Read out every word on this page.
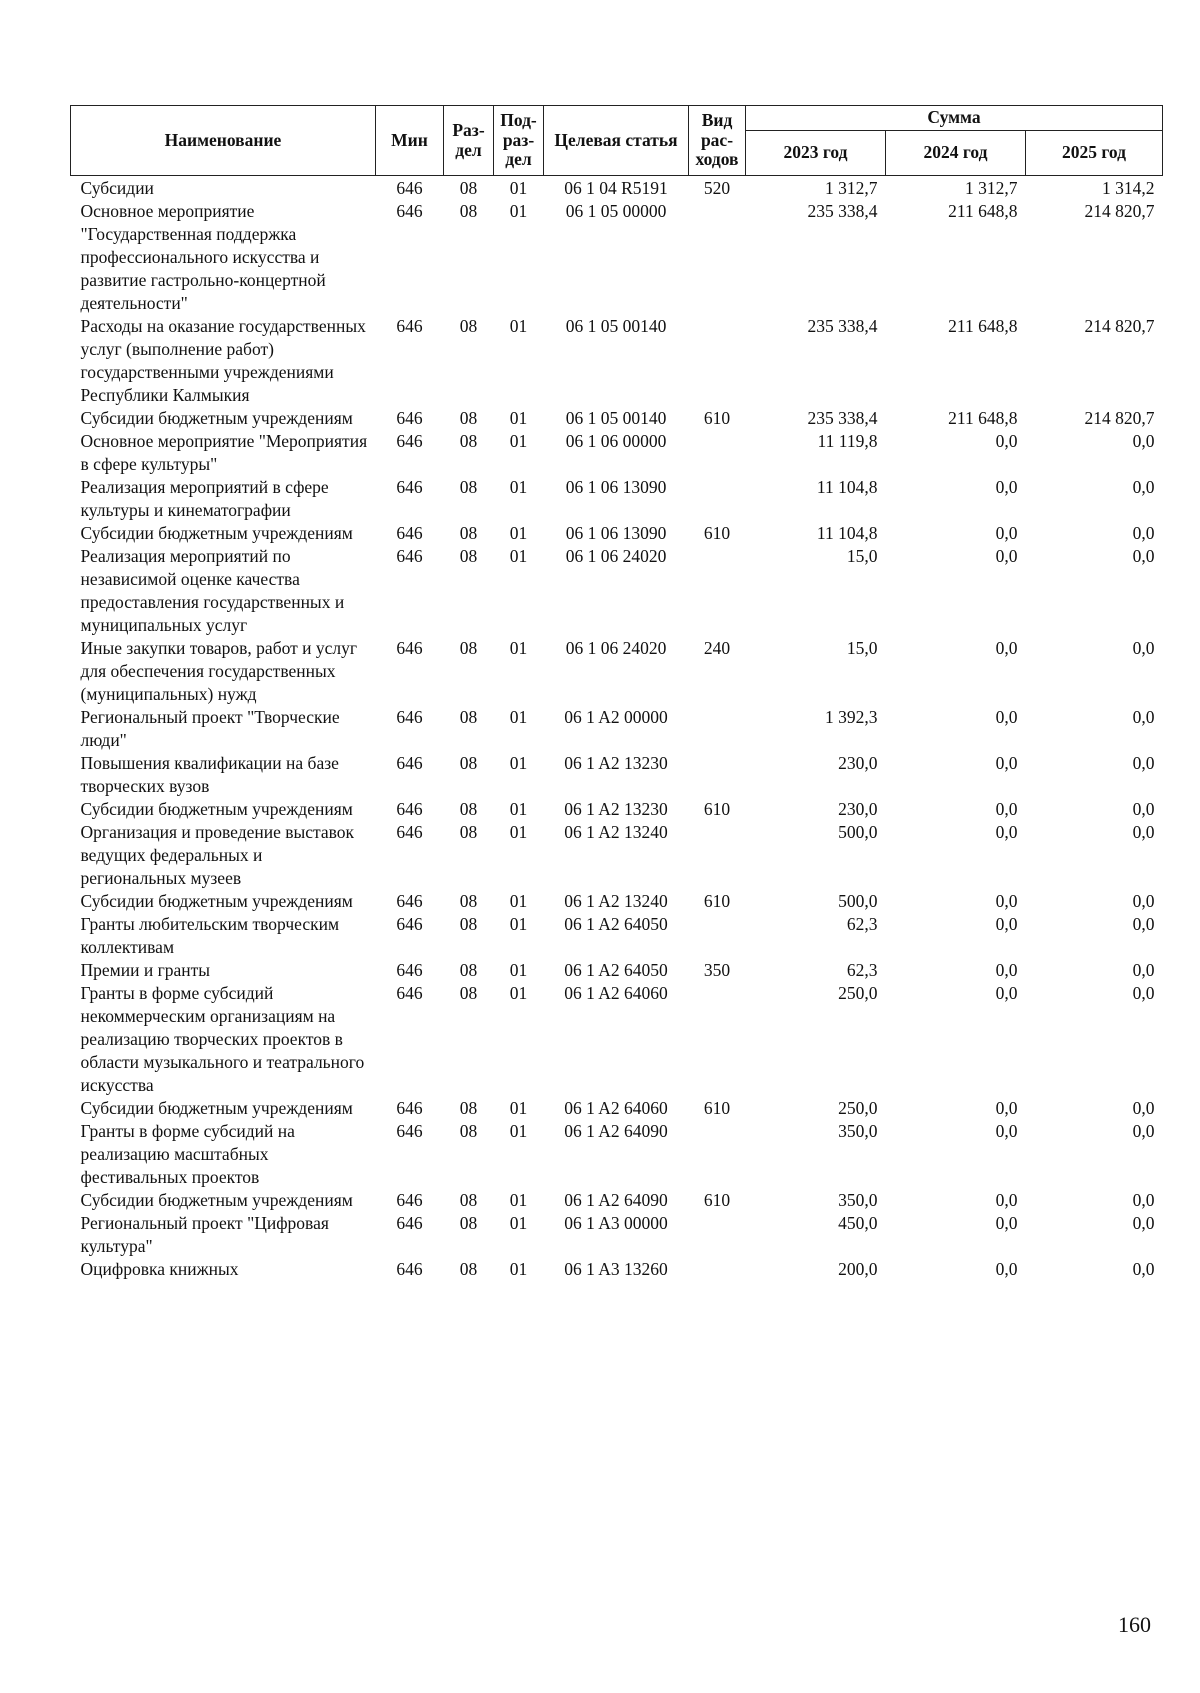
Наименование	Мин	Раз-дел	Под-раз-дел	Целевая статья	Вид рас-ходов	Сумма		
						2023 год	2024 год	2025 год
Субсидии	646	08	01	06 1 04 R5191	520	1 312,7	1 312,7	1 314,2
Основное мероприятие "Государственная поддержка профессионального искусства и развитие гастрольно-концертной деятельности"	646	08	01	06 1 05 00000		235 338,4	211 648,8	214 820,7
Расходы на оказание государственных услуг (выполнение работ) государственными учреждениями Республики Калмыкия	646	08	01	06 1 05 00140		235 338,4	211 648,8	214 820,7
Субсидии бюджетным учреждениям	646	08	01	06 1 05 00140	610	235 338,4	211 648,8	214 820,7
Основное мероприятие "Мероприятия в сфере культуры"	646	08	01	06 1 06 00000		11 119,8	0,0	0,0
Реализация мероприятий в сфере культуры и кинематографии	646	08	01	06 1 06 13090		11 104,8	0,0	0,0
Субсидии бюджетным учреждениям	646	08	01	06 1 06 13090	610	11 104,8	0,0	0,0
Реализация мероприятий по независимой оценке качества предоставления государственных и муниципальных услуг	646	08	01	06 1 06 24020		15,0	0,0	0,0
Иные закупки товаров, работ и услуг для обеспечения государственных (муниципальных) нужд	646	08	01	06 1 06 24020	240	15,0	0,0	0,0
Региональный проект "Творческие люди"	646	08	01	06 1 A2 00000		1 392,3	0,0	0,0
Повышения квалификации на базе творческих вузов	646	08	01	06 1 A2 13230		230,0	0,0	0,0
Субсидии бюджетным учреждениям	646	08	01	06 1 A2 13230	610	230,0	0,0	0,0
Организация и проведение выставок ведущих федеральных и региональных музеев	646	08	01	06 1 A2 13240		500,0	0,0	0,0
Субсидии бюджетным учреждениям	646	08	01	06 1 A2 13240	610	500,0	0,0	0,0
Гранты любительским творческим коллективам	646	08	01	06 1 A2 64050		62,3	0,0	0,0
Премии и гранты	646	08	01	06 1 A2 64050	350	62,3	0,0	0,0
Гранты в форме субсидий некоммерческим организациям на реализацию творческих проектов в области музыкального и театрального искусства	646	08	01	06 1 A2 64060		250,0	0,0	0,0
Субсидии бюджетным учреждениям	646	08	01	06 1 A2 64060	610	250,0	0,0	0,0
Гранты в форме субсидий на реализацию масштабных фестивальных проектов	646	08	01	06 1 A2 64090		350,0	0,0	0,0
Субсидии бюджетным учреждениям	646	08	01	06 1 A2 64090	610	350,0	0,0	0,0
Региональный проект "Цифровая культура"	646	08	01	06 1 A3 00000		450,0	0,0	0,0
Оцифровка книжных	646	08	01	06 1 A3 13260		200,0	0,0	0,0
160
